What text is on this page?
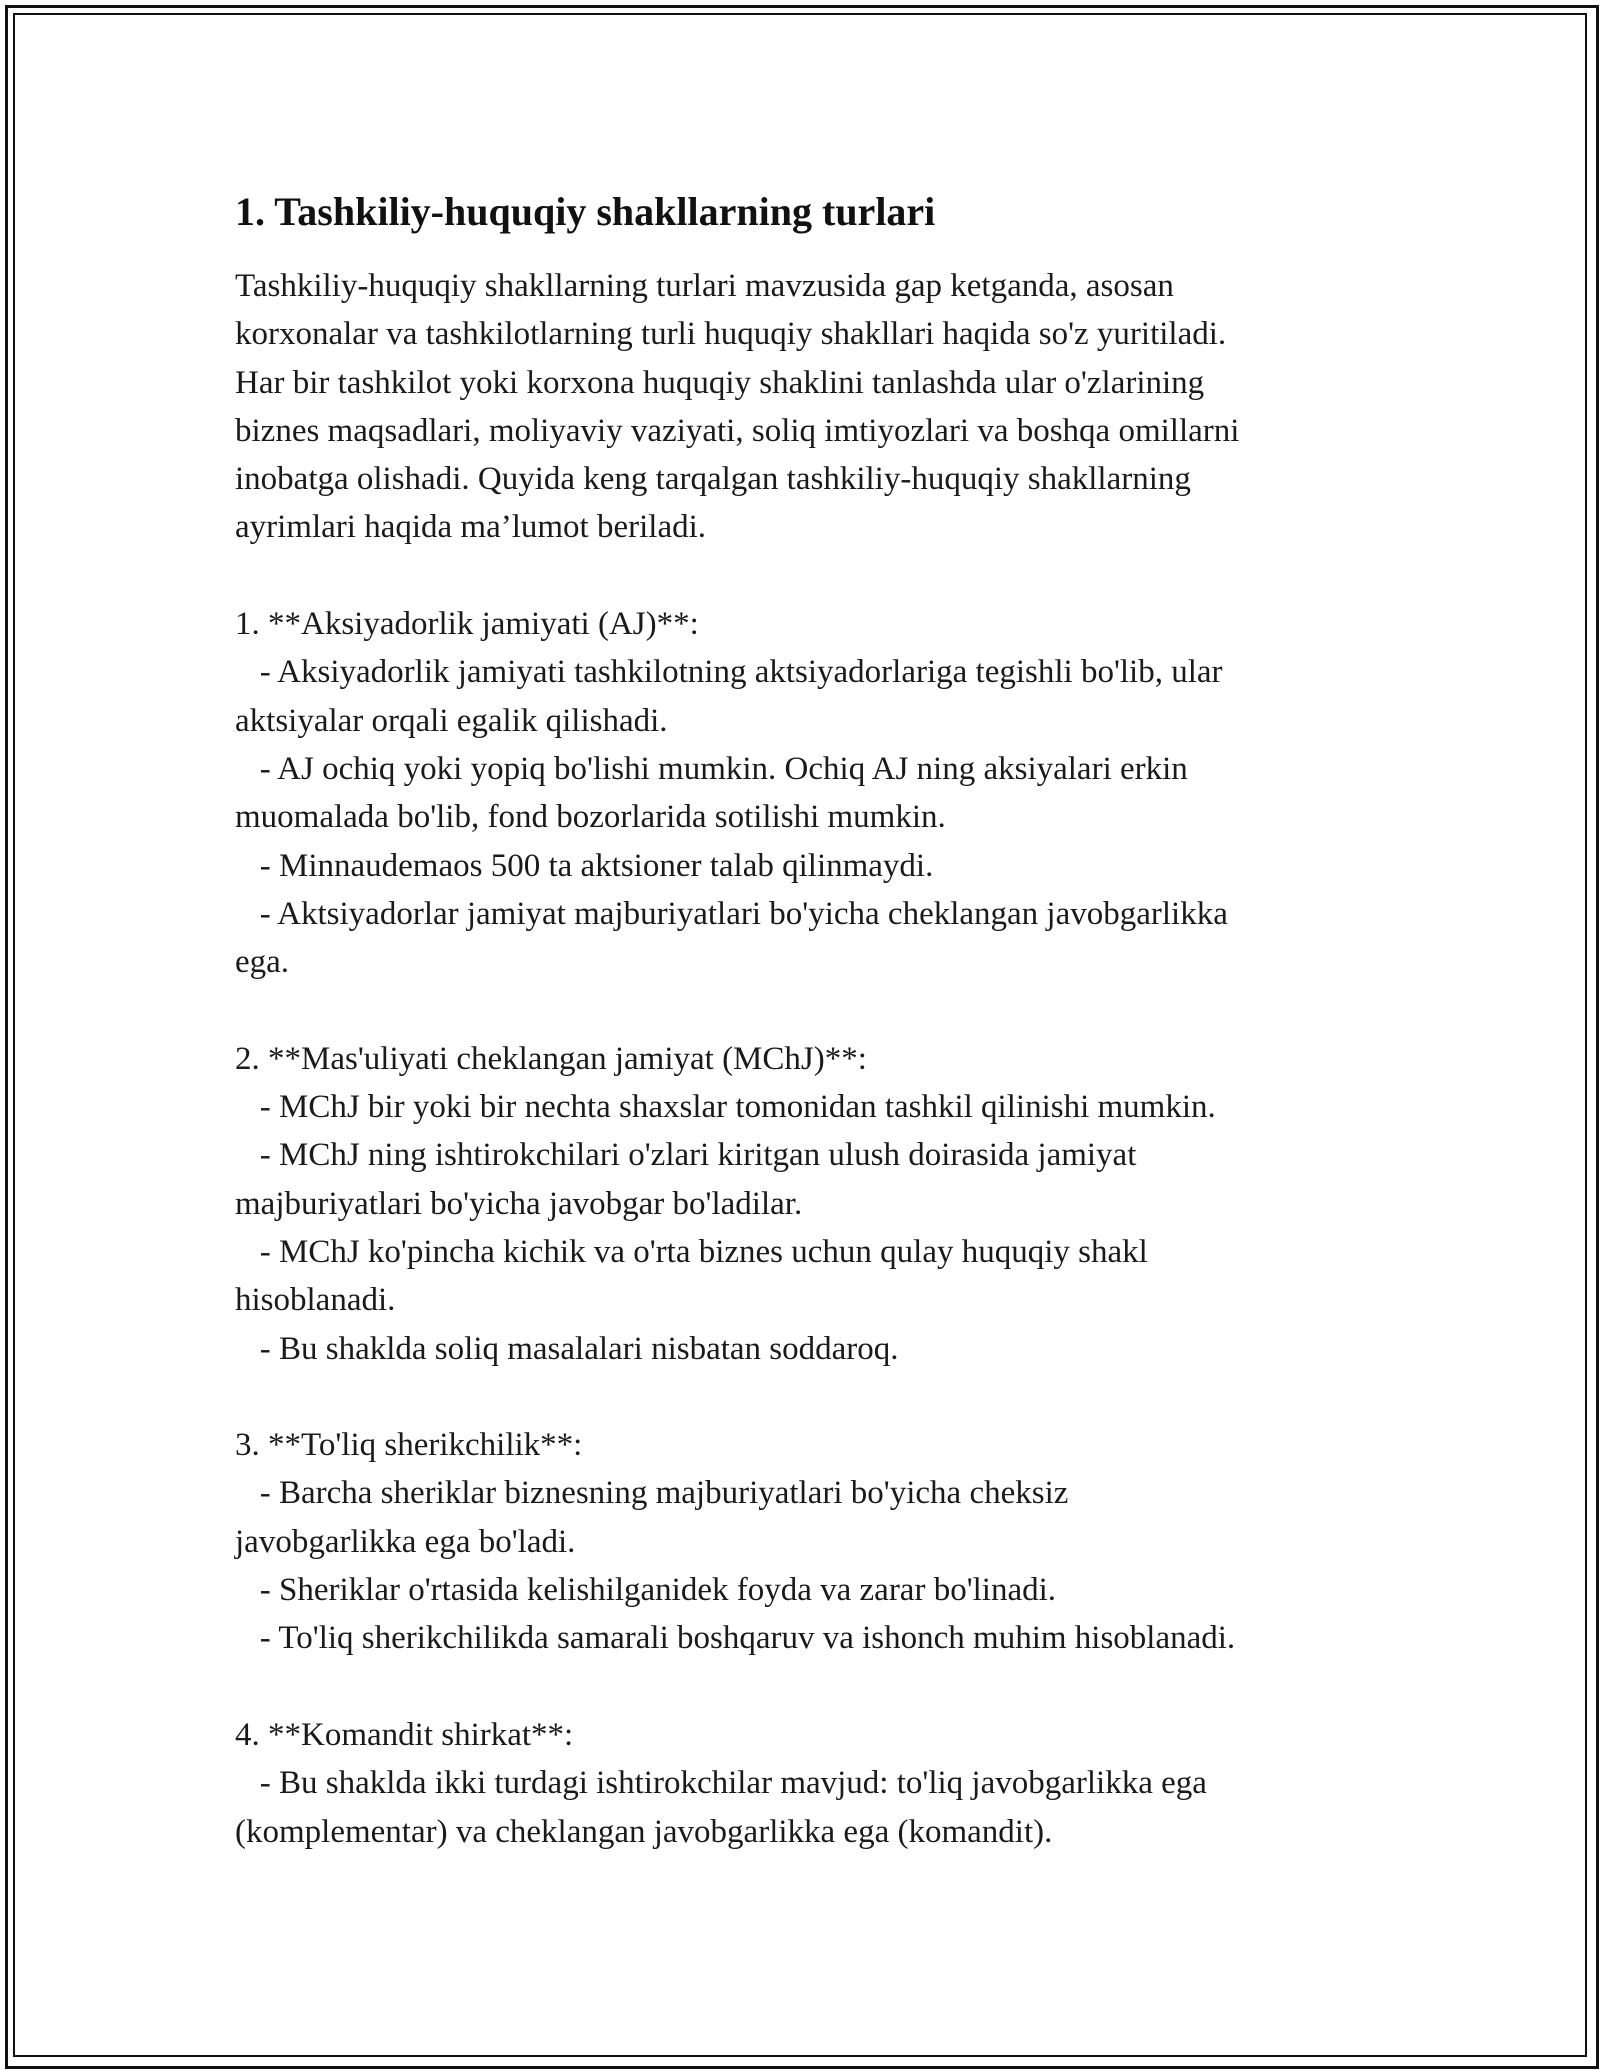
1. Tashkiliy-huquqiy shakllarning turlari

Tashkiliy-huquqiy shakllarning turlari mavzusida gap ketganda, asosan

korxonalar va tashkilotlarning turli huquqiy shakllari haqida so'z yuritiladi.

Har bir tashkilot yoki korxona huquqiy shaklini tanlashda ular o'zlarining

biznes maqsadlari, moliyaviy vaziyati, soliq imtiyozlari va boshqa omillarni

inobatga olishadi. Quyida keng tarqalgan tashkiliy-huquqiy shakllarning

ayrimlari haqida ma’lumot beriladi.

1. **Aksiyadorlik jamiyati (AJ)**:

- Aksiyadorlik jamiyati tashkilotning aktsiyadorlariga tegishli bo'lib, ular

aktsiyalar orqali egalik qilishadi.

- AJ ochiq yoki yopiq bo'lishi mumkin. Ochiq AJ ning aksiyalari erkin

muomalada bo'lib, fond bozorlarida sotilishi mumkin.

- Minnaudemaos 500 ta aktsioner talab qilinmaydi.

- Aktsiyadorlar jamiyat majburiyatlari bo'yicha cheklangan javobgarlikka

ega.

2. **Mas'uliyati cheklangan jamiyat (MChJ)**:

- MChJ bir yoki bir nechta shaxslar tomonidan tashkil qilinishi mumkin.

- MChJ ning ishtirokchilari o'zlari kiritgan ulush doirasida jamiyat

majburiyatlari bo'yicha javobgar bo'ladilar.

- MChJ ko'pincha kichik va o'rta biznes uchun qulay huquqiy shakl

hisoblanadi.

- Bu shaklda soliq masalalari nisbatan soddaroq.

3. **To'liq sherikchilik**:

- Barcha sheriklar biznesning majburiyatlari bo'yicha cheksiz

javobgarlikka ega bo'ladi.

- Sheriklar o'rtasida kelishilganidek foyda va zarar bo'linadi.

- To'liq sherikchilikda samarali boshqaruv va ishonch muhim hisoblanadi.

4. **Komandit shirkat**:

- Bu shaklda ikki turdagi ishtirokchilar mavjud: to'liq javobgarlikka ega

(komplementar) va cheklangan javobgarlikka ega (komandit).
